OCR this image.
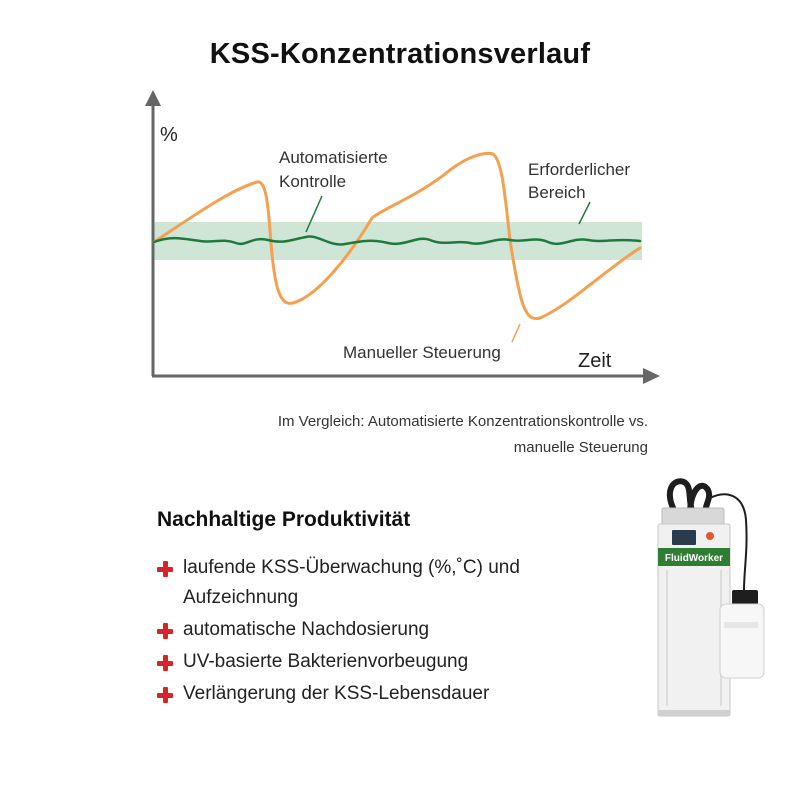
KSS-Konzentrationsverlauf
%
Zeit
Automatisierte
Kontrolle
Erforderlicher
Bereich
Manueller Steuerung
Im Vergleich: Automatisierte Konzentrationskontrolle vs.
manuelle Steuerung
Nachhaltige Produktivität
laufende KSS-Überwachung (%,˚C) und
Aufzeichnung
automatische Nachdosierung
UV-basierte Bakterienvorbeugung
Verlängerung der KSS-Lebensdauer
FluidWorker
